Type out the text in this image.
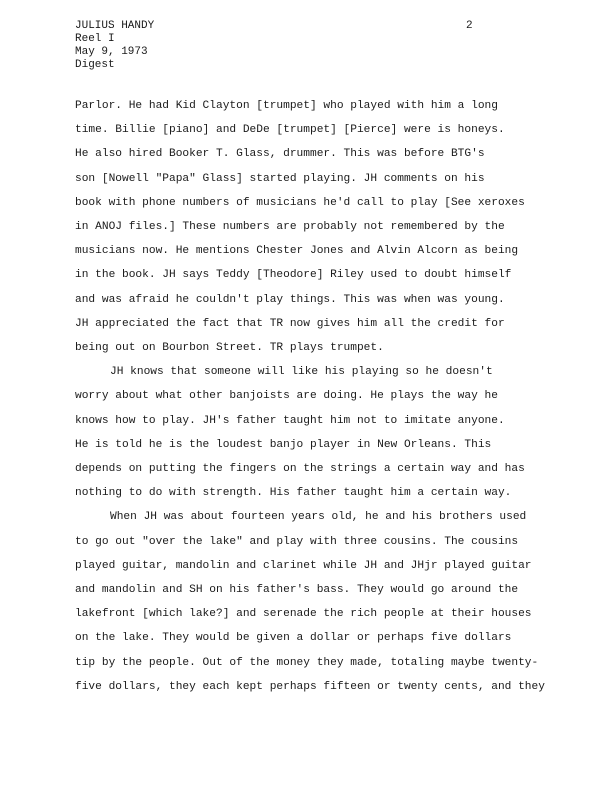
JULIUS HANDY
Reel I
May 9, 1973
Digest
2
Parlor. He had Kid Clayton [trumpet] who played with him a long
time. Billie [piano] and DeDe [trumpet] [Pierce] were is honeys.
He also hired Booker T. Glass, drummer. This was before BTG's
son [Nowell "Papa" Glass] started playing. JH comments on his
book with phone numbers of musicians he'd call to play [See xeroxes
in ANOJ files.] These numbers are probably not remembered by the
musicians now. He mentions Chester Jones and Alvin Alcorn as being
in the book. JH says Teddy [Theodore] Riley used to doubt himself
and was afraid he couldn't play things. This was when was young.
JH appreciated the fact that TR now gives him all the credit for
being out on Bourbon Street. TR plays trumpet.
JH knows that someone will like his playing so he doesn't
worry about what other banjoists are doing. He plays the way he
knows how to play. JH's father taught him not to imitate anyone.
He is told he is the loudest banjo player in New Orleans. This
depends on putting the fingers on the strings a certain way and has
nothing to do with strength. His father taught him a certain way.
When JH was about fourteen years old, he and his brothers used
to go out "over the lake" and play with three cousins. The cousins
played guitar, mandolin and clarinet while JH and JHjr played guitar
and mandolin and SH on his father's bass. They would go around the
lakefront [which lake?] and serenade the rich people at their houses
on the lake. They would be given a dollar or perhaps five dollars
tip by the people. Out of the money they made, totaling maybe twenty-
five dollars, they each kept perhaps fifteen or twenty cents, and they
